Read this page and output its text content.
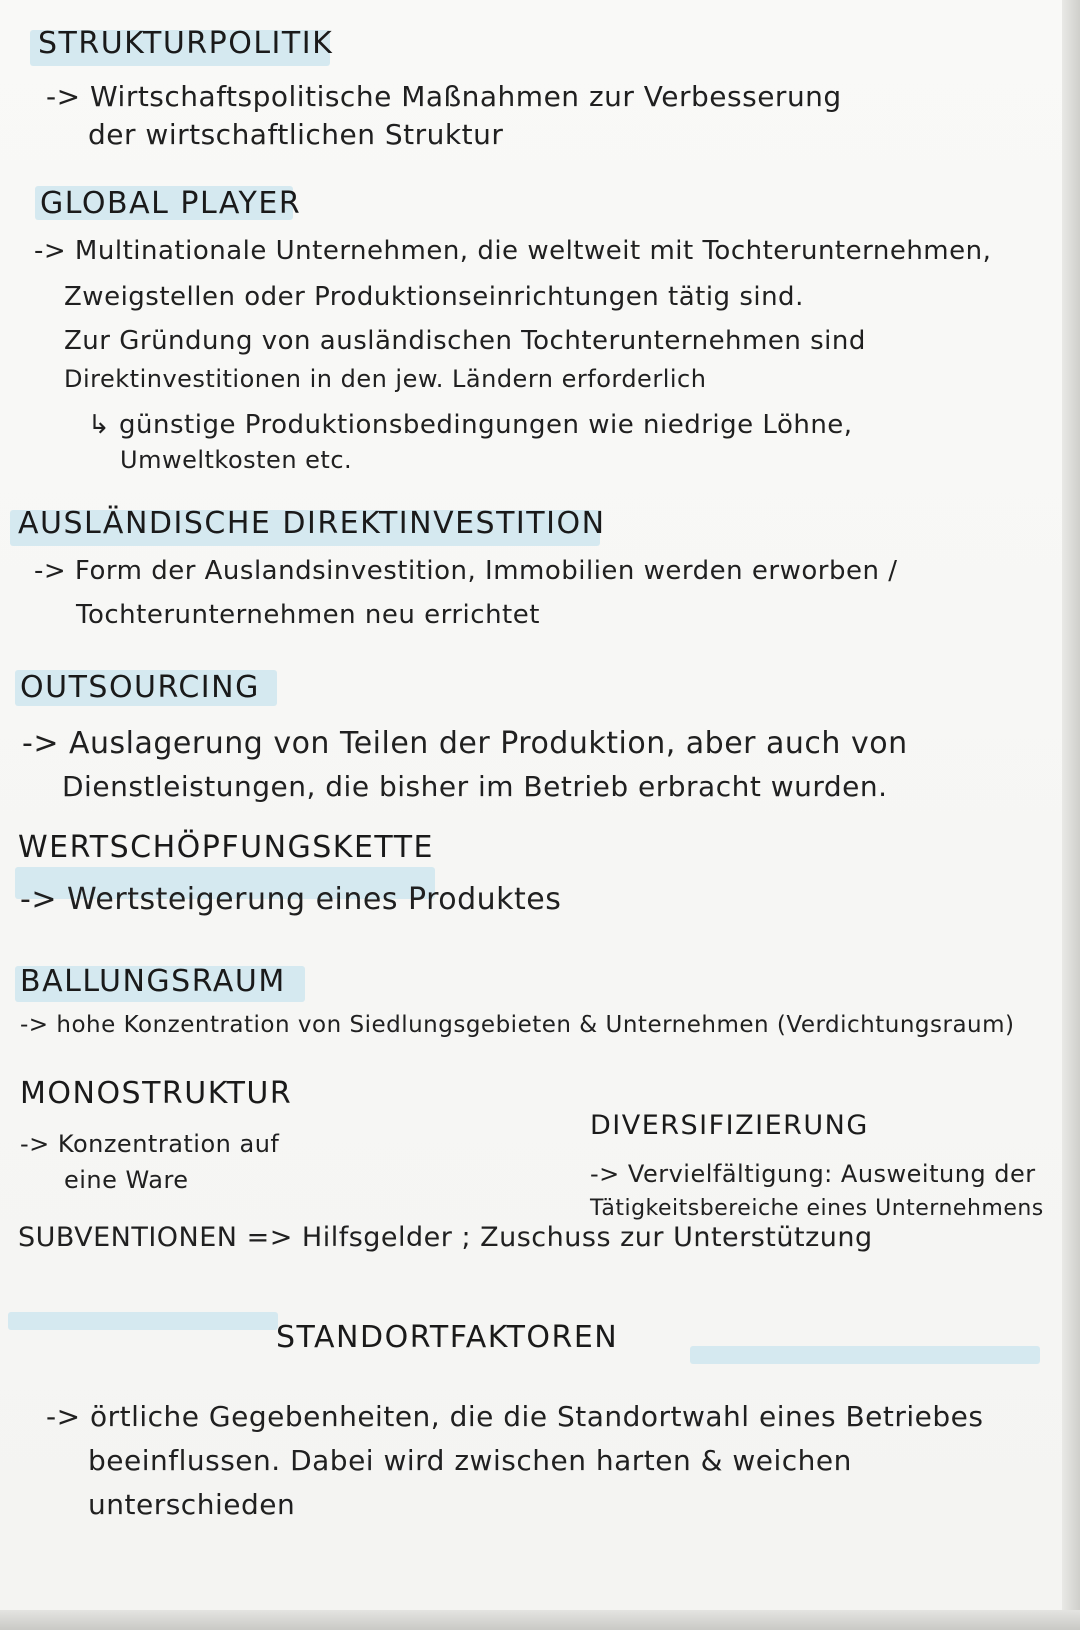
STRUKTURPOLITIK
-> Wirtschaftspolitische Maßnahmen zur Verbesserung
der wirtschaftlichen Struktur
GLOBAL PLAYER
-> Multinationale Unternehmen, die weltweit mit Tochterunternehmen,
Zweigstellen oder Produktionseinrichtungen tätig sind.
Zur Gründung von ausländischen Tochterunternehmen sind
Direktinvestitionen in den jew. Ländern erforderlich
↳ günstige Produktionsbedingungen wie niedrige Löhne,
Umweltkosten etc.
AUSLÄNDISCHE DIREKTINVESTITION
-> Form der Auslandsinvestition, Immobilien werden erworben /
Tochterunternehmen neu errichtet
OUTSOURCING
-> Auslagerung von Teilen der Produktion, aber auch von
Dienstleistungen, die bisher im Betrieb erbracht wurden.
WERTSCHÖPFUNGSKETTE
-> Wertsteigerung eines Produktes
BALLUNGSRAUM
-> hohe Konzentration von Siedlungsgebieten & Unternehmen (Verdichtungsraum)
MONOSTRUKTUR
-> Konzentration auf
eine Ware
DIVERSIFIZIERUNG
-> Vervielfältigung: Ausweitung der
Tätigkeitsbereiche eines Unternehmens
SUBVENTIONEN => Hilfsgelder ; Zuschuss zur Unterstützung
STANDORTFAKTOREN
-> örtliche Gegebenheiten, die die Standortwahl eines Betriebes
beeinflussen. Dabei wird zwischen harten & weichen
unterschieden
